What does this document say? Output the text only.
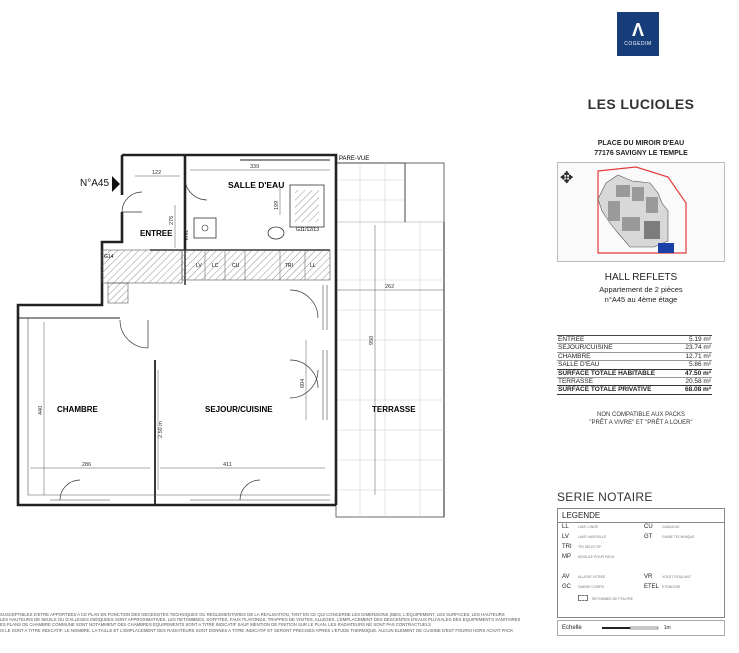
Λ
COGEDIM
LES LUCIOLES
PLACE DU MIROIR D'EAU
77176 SAVIGNY LE TEMPLE
✥
HALL REFLETS
Appartement de 2 pièces
n°A45 au 4ème étage
ENTREE	5.19 m²
SEJOUR/CUISINE	23.74 m²
CHAMBRE	12.71 m²
SALLE D'EAU	5.86 m²
SURFACE TOTALE HABITABLE	47.50 m²
TERRASSE	20.58 m²
SURFACE TOTALE PRIVATIVE	68.08 m²
NON COMPATIBLE AUX PACKS
"PRÊT A VIVRE" ET "PRÊT A LOUER"
SERIE NOTAIRE
LEGENDE
LL	LAVE LINGE
LV	LAVE VAISSELLE
TRI TRI SELECTIF
MP MODULE POUR PACK
AV ALLEGE VITREE
GC GARDE CORPS
CU	CUMULUS
GT	GAINE TECHNIQUE
VR	VOLET ROULANT
ETEL ETENDOIR
RETOMBEE DE POUTRE
Echelle	1m
N°A45	SALLE D'EAU
ENTREE
CHAMBRE	SEJOUR/CUISINE	TERRASSE
PARE-VUE
G14
G11/12/13
ETEL
LV LC	CU	TRI	LL
122
339
276
199
262
950
440
604
2.50 m
286	411
SUSCEPTIBLES D'ETRE APPORTEES A CE PLAN EN FONCTION DES NECESSITES TECHNIQUES OU REGLEMENTAIRES DE LA REALISATION, TANT EN CE QUI CONCERNE LES DIMENSIONS (IBES, L'EQUIPEMENT, LES SURFACES, LES HAUTEURS
LES HAUTEURS DE SEUILS OU D'ALLEGES INDIQUEES SONT APPROXIMATIVES. LES RETOMBEES, SOFFITES, FAUX PLAFONDS, TRAPPES DE VISITES, ALLEGES, L'EMPLACEMENT DES DESCENTES D'EAUX PLUVIALES DES EQUIPEMENTS SANITAIRES
ES PLANS DE CHAMBRE COMMUNE SONT NOTAMMENT DES CHAMBRES EQUIPEMENTS SONT A TITRE INDICATIF SAUF MENTION DE FINITION SUR LE PLAN. LES RADIATEURS NE SONT PAS CONTRACTUELS
IS LE SONT A TITRE INDICATIF. LE NOMBRE, LA TAILLE ET L'EMPLACEMENT DES RADIATEURS SONT DONNES A TITRE INDICATIF ET SERONT PRECISES APRES L'ETUDE THERMIQUE. AUCUN ELEMENT DE CUISINE N'EST FOURNI HORS ACHAT PACK
